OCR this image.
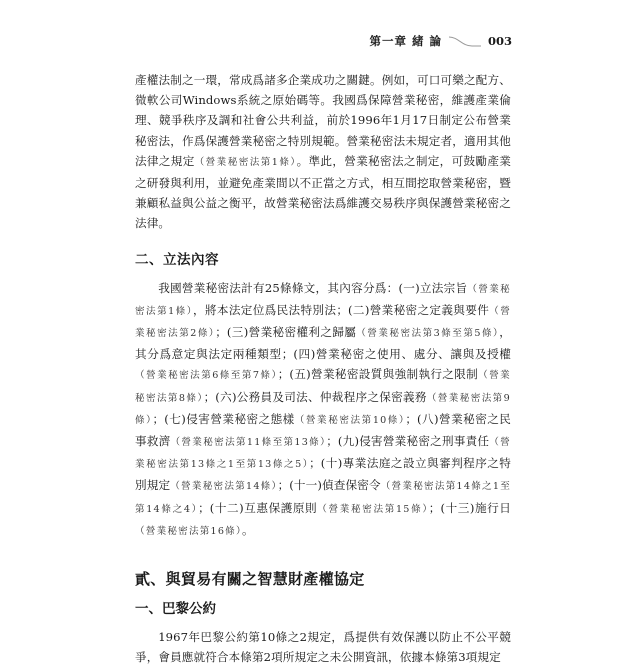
第一章 緒 論	003

產權法制之一環，常成爲諸多企業成功之關鍵。例如，可口可樂之配方、微軟公司Windows系統之原始碼等。我國爲保障營業秘密，維護產業倫理、競爭秩序及調和社會公共利益，前於1996年1月17日制定公布營業秘密法，作爲保護營業秘密之特別規範。營業秘密法未規定者，適用其他法律之規定（營業秘密法第1條）。準此，營業秘密法之制定，可鼓勵產業之研發與利用，並避免產業間以不正當之方式，相互間挖取營業秘密，暨兼顧私益與公益之衡平，故營業秘密法爲維護交易秩序與保護營業秘密之法律。

二、立法內容

我國營業秘密法計有25條條文，其內容分爲：(一)立法宗旨（營業秘密法第1條），將本法定位爲民法特別法；(二)營業秘密之定義與要件（營業秘密法第2條）；(三)營業秘密權利之歸屬（營業秘密法第3條至第5條），其分爲意定與法定兩種類型；(四)營業秘密之使用、處分、讓與及授權（營業秘密法第6條至第7條）；(五)營業秘密設質與強制執行之限制（營業秘密法第8條）；(六)公務員及司法、仲裁程序之保密義務（營業秘密法第9條）；(七)侵害營業秘密之態樣（營業秘密法第10條）；(八)營業秘密之民事救濟（營業秘密法第11條至第13條）；(九)侵害營業秘密之刑事責任（營業秘密法第13條之1至第13條之5）；(十)專業法庭之設立與審判程序之特別規定（營業秘密法第14條）；(十一)偵查保密令（營業秘密法第14條之1至第14條之4）；(十二)互惠保護原則（營業秘密法第15條）；(十三)施行日（營業秘密法第16條）。

貳、與貿易有關之智慧財產權協定
一、巴黎公約

1967年巴黎公約第10條之2規定，爲提供有效保護以防止不公平競爭，會員應就符合本條第2項所規定之未公開資訊，依據本條第3項規定
